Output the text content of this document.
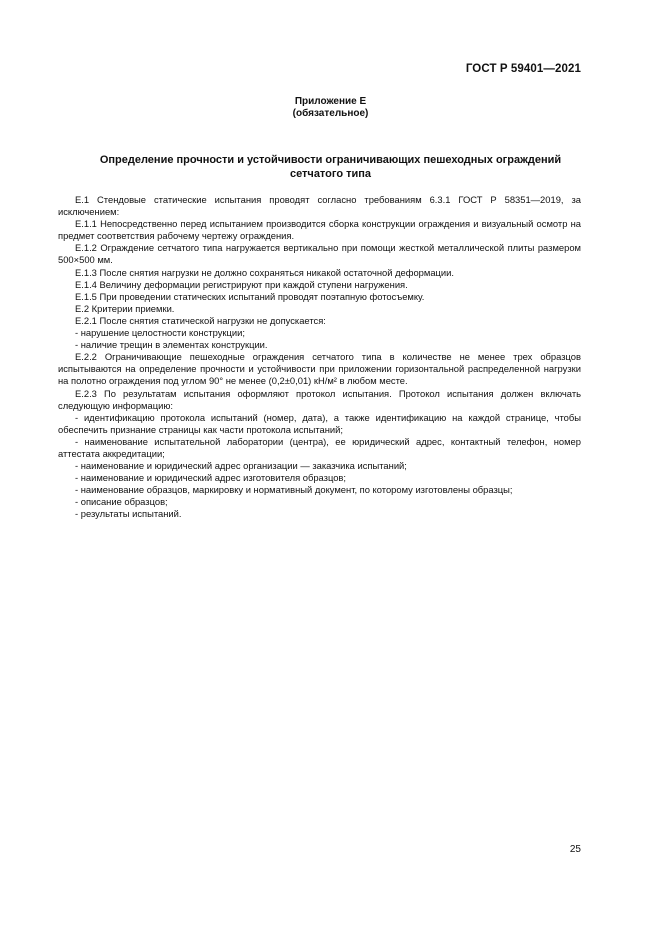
ГОСТ Р 59401—2021
Приложение Е
(обязательное)
Определение прочности и устойчивости ограничивающих пешеходных ограждений
сетчатого типа

Е.1 Стендовые статические испытания проводят согласно требованиям 6.3.1 ГОСТ Р 58351—2019, за исключением:

Е.1.1 Непосредственно перед испытанием производится сборка конструкции ограждения и визуальный осмотр на предмет соответствия рабочему чертежу ограждения.

Е.1.2 Ограждение сетчатого типа нагружается вертикально при помощи жесткой металлической плиты размером 500×500 мм.

Е.1.3 После снятия нагрузки не должно сохраняться никакой остаточной деформации.

Е.1.4 Величину деформации регистрируют при каждой ступени нагружения.

Е.1.5 При проведении статических испытаний проводят поэтапную фотосъемку.

Е.2 Критерии приемки.

Е.2.1 После снятия статической нагрузки не допускается:

- нарушение целостности конструкции;

- наличие трещин в элементах конструкции.

Е.2.2 Ограничивающие пешеходные ограждения сетчатого типа в количестве не менее трех образцов испытываются на определение прочности и устойчивости при приложении горизонтальной распределенной нагрузки на полотно ограждения под углом 90° не менее (0,2±0,01) кН/м² в любом месте.

Е.2.3 По результатам испытания оформляют протокол испытания. Протокол испытания должен включать следующую информацию:

- идентификацию протокола испытаний (номер, дата), а также идентификацию на каждой странице, чтобы обеспечить признание страницы как части протокола испытаний;

- наименование испытательной лаборатории (центра), ее юридический адрес, контактный телефон, номер аттестата аккредитации;

- наименование и юридический адрес организации — заказчика испытаний;

- наименование и юридический адрес изготовителя образцов;

- наименование образцов, маркировку и нормативный документ, по которому изготовлены образцы;

- описание образцов;

- результаты испытаний.

25
